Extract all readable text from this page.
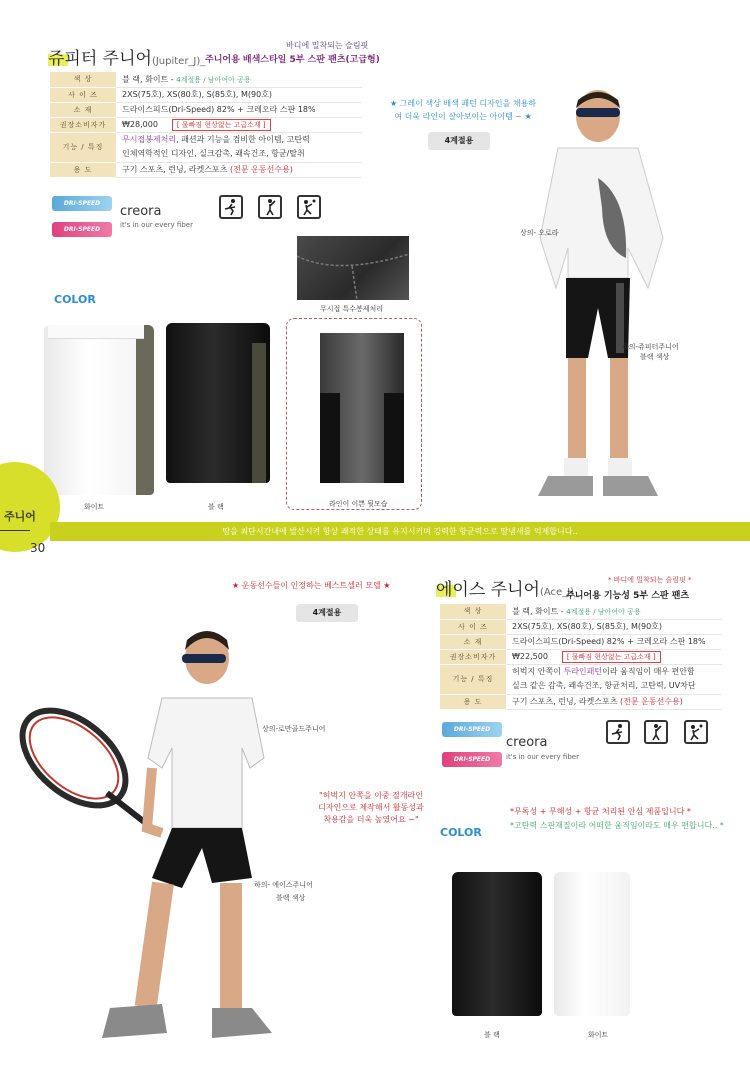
바디에 밀착되는 슬림핏
쥬피터 주니어(Jupiter_J)_ 주니어용 배색스타일 5부 스판 팬츠(고급형)
색 상	블 랙, 화이트 - 4계절용 / 남아여아 공용
사 이 즈	2XS(75호), XS(80호), S(85호), M(90호)
소 재	드라이스피드(Dri-Speed) 82% + 크레오라 스판 18%
권장소비자가	₩28,000 [ 물빠짐 현상없는 고급소재 ]
기능 / 특징	무시접봉제처리, 패션과 기능을 겸비한 아이템, 고탄력
인체역학적인 디자인, 실크감촉, 쾌속건조, 항균/탈취
용 도	구기 스포츠, 런닝, 라켓스포츠 (전문 운동선수용)
DRI-SPEED
DRI-SPEED
creora
it's in our every fiber
★ 그레이 색상 배색 패턴 디자인을 채용하여 더욱 라인이 살아보이는 아이템 ~ ★
4계절용
무시접 특수봉제처리
COLOR
화이트	블 랙	라인이 이쁜 뒷모습
상의- 오로라
하의-쥬피터주니어
블랙 색상
주니어
30
땀을 최단시간내에 발산시켜 항상 쾌적한 상태를 유지시키며 강력한 항균력으로 땀냄새를 억제합니다..
★ 운동선수들이 인정하는 베스트셀러 모델 ★
4계절용
* 바디에 밀착되는 슬림핏 *
에이스 주니어(Ace_J)_
주니어용 기능성 5부 스판 팬츠
색 상	블 랙, 화이트 - 4계절용 / 남아여아 공용
사 이 즈	2XS(75호), XS(80호), S(85호), M(90호)
소 재	드라이스피드(Dri-Speed) 82% + 크레오라 스판 18%
권장소비자가	₩22,500 [ 물빠짐 현상없는 고급소재 ]
기능 / 특징	허벅지 안쪽이 투라인패턴이라 움직임이 매우 편안함
실크 같은 감촉, 쾌속건조, 항균처리, 고탄력, UV차단
용 도	구기 스포츠, 런닝, 라켓스포츠 (전문 운동선수용)
DRI-SPEED
DRI-SPEED
creora
it's in our every fiber
상의-로만골드주니어
하의- 에이스주니어
블랙 색상
"허벅지 안쪽을 이중 절개라인 디자인으로 제작해서 활동성과 착용감을 더욱 높였어요 ~"
*무독성 + 무해성 + 항균 처리된 안심 제품입니다 *
*고탄력 스판재질이라 어떠한 움직임이라도 매우 편합니다.. *
COLOR
블 랙	화이트
